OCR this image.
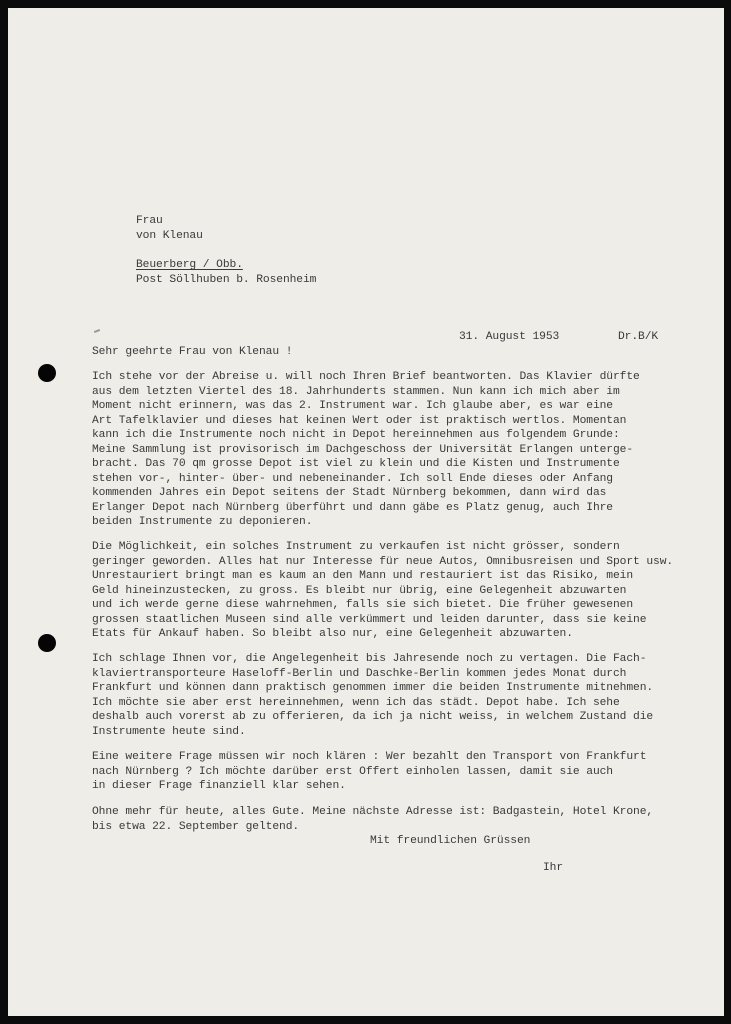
Frau
von Klenau
Beuerberg / Obb.
Post Söllhuben b. Rosenheim
31. August 1953	Dr.B/K
Sehr geehrte Frau von Klenau !
Ich stehe vor der Abreise u. will noch Ihren Brief beantworten. Das Klavier dürfte
aus dem letzten Viertel des 18. Jahrhunderts stammen. Nun kann ich mich aber im
Moment nicht erinnern, was das 2. Instrument war. Ich glaube aber, es war eine
Art Tafelklavier und dieses hat keinen Wert oder ist praktisch wertlos. Momentan
kann ich die Instrumente noch nicht in Depot hereinnehmen aus folgendem Grunde:
Meine Sammlung ist provisorisch im Dachgeschoss der Universität Erlangen unterge-
bracht. Das 70 qm grosse Depot ist viel zu klein und die Kisten und Instrumente
stehen vor-, hinter- über- und nebeneinander. Ich soll Ende dieses oder Anfang
kommenden Jahres ein Depot seitens der Stadt Nürnberg bekommen, dann wird das
Erlanger Depot nach Nürnberg überführt und dann gäbe es Platz genug, auch Ihre
beiden Instrumente zu deponieren.
Die Möglichkeit, ein solches Instrument zu verkaufen ist nicht grösser, sondern
geringer geworden. Alles hat nur Interesse für neue Autos, Omnibusreisen und Sport usw.
Unrestauriert bringt man es kaum an den Mann und restauriert ist das Risiko, mein
Geld hineinzustecken, zu gross. Es bleibt nur übrig, eine Gelegenheit abzuwarten
und ich werde gerne diese wahrnehmen, falls sie sich bietet. Die früher gewesenen
grossen staatlichen Museen sind alle verkümmert und leiden darunter, dass sie keine
Etats für Ankauf haben. So bleibt also nur, eine Gelegenheit abzuwarten.
Ich schlage Ihnen vor, die Angelegenheit bis Jahresende noch zu vertagen. Die Fach-
klaviertransporteure Haseloff-Berlin und Daschke-Berlin kommen jedes Monat durch
Frankfurt und können dann praktisch genommen immer die beiden Instrumente mitnehmen.
Ich möchte sie aber erst hereinnehmen, wenn ich das städt. Depot habe. Ich sehe
deshalb auch vorerst ab zu offerieren, da ich ja nicht weiss, in welchem Zustand die
Instrumente heute sind.
Eine weitere Frage müssen wir noch klären : Wer bezahlt den Transport von Frankfurt
nach Nürnberg ? Ich möchte darüber erst Offert einholen lassen, damit sie auch
in dieser Frage finanziell klar sehen.
Ohne mehr für heute, alles Gute. Meine nächste Adresse ist: Badgastein, Hotel Krone,
bis etwa 22. September geltend.
Mit freundlichen Grüssen
Ihr
